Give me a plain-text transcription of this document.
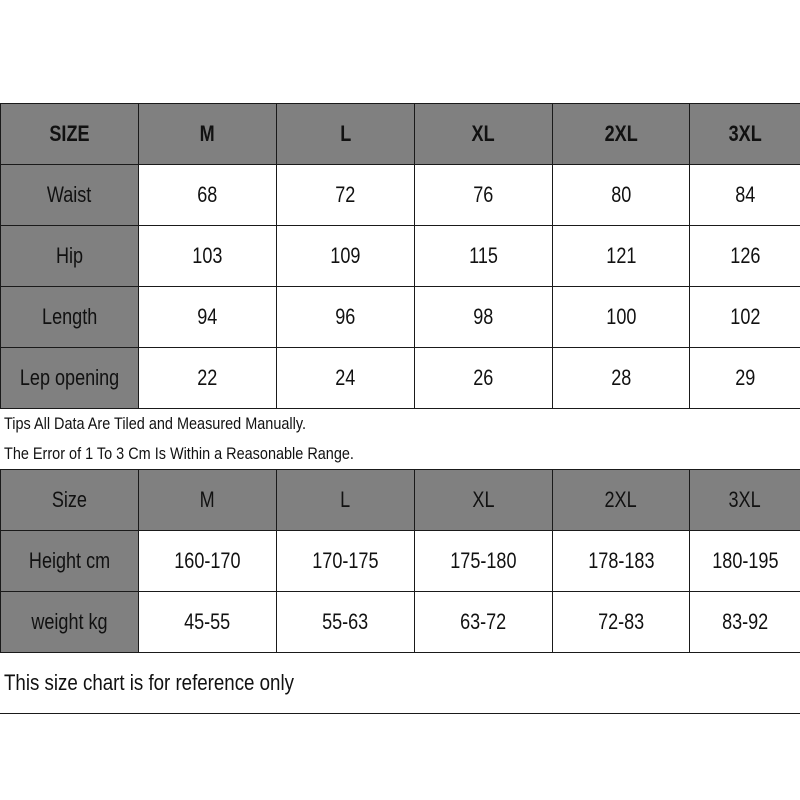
SIZE	M	L	XL	2XL	3XL
Waist	68	72	76	80	84
Hip	103	109	115	121	126
Length	94	96	98	100	102
Lep opening	22	24	26	28	29
Tips All Data Are Tiled and Measured Manually.
The Error of 1 To 3 Cm Is Within a Reasonable Range.
Size	M	L	XL	2XL	3XL
Height cm	160-170	170-175	175-180	178-183	180-195
weight kg	45-55	55-63	63-72	72-83	83-92
This size chart is for reference only
